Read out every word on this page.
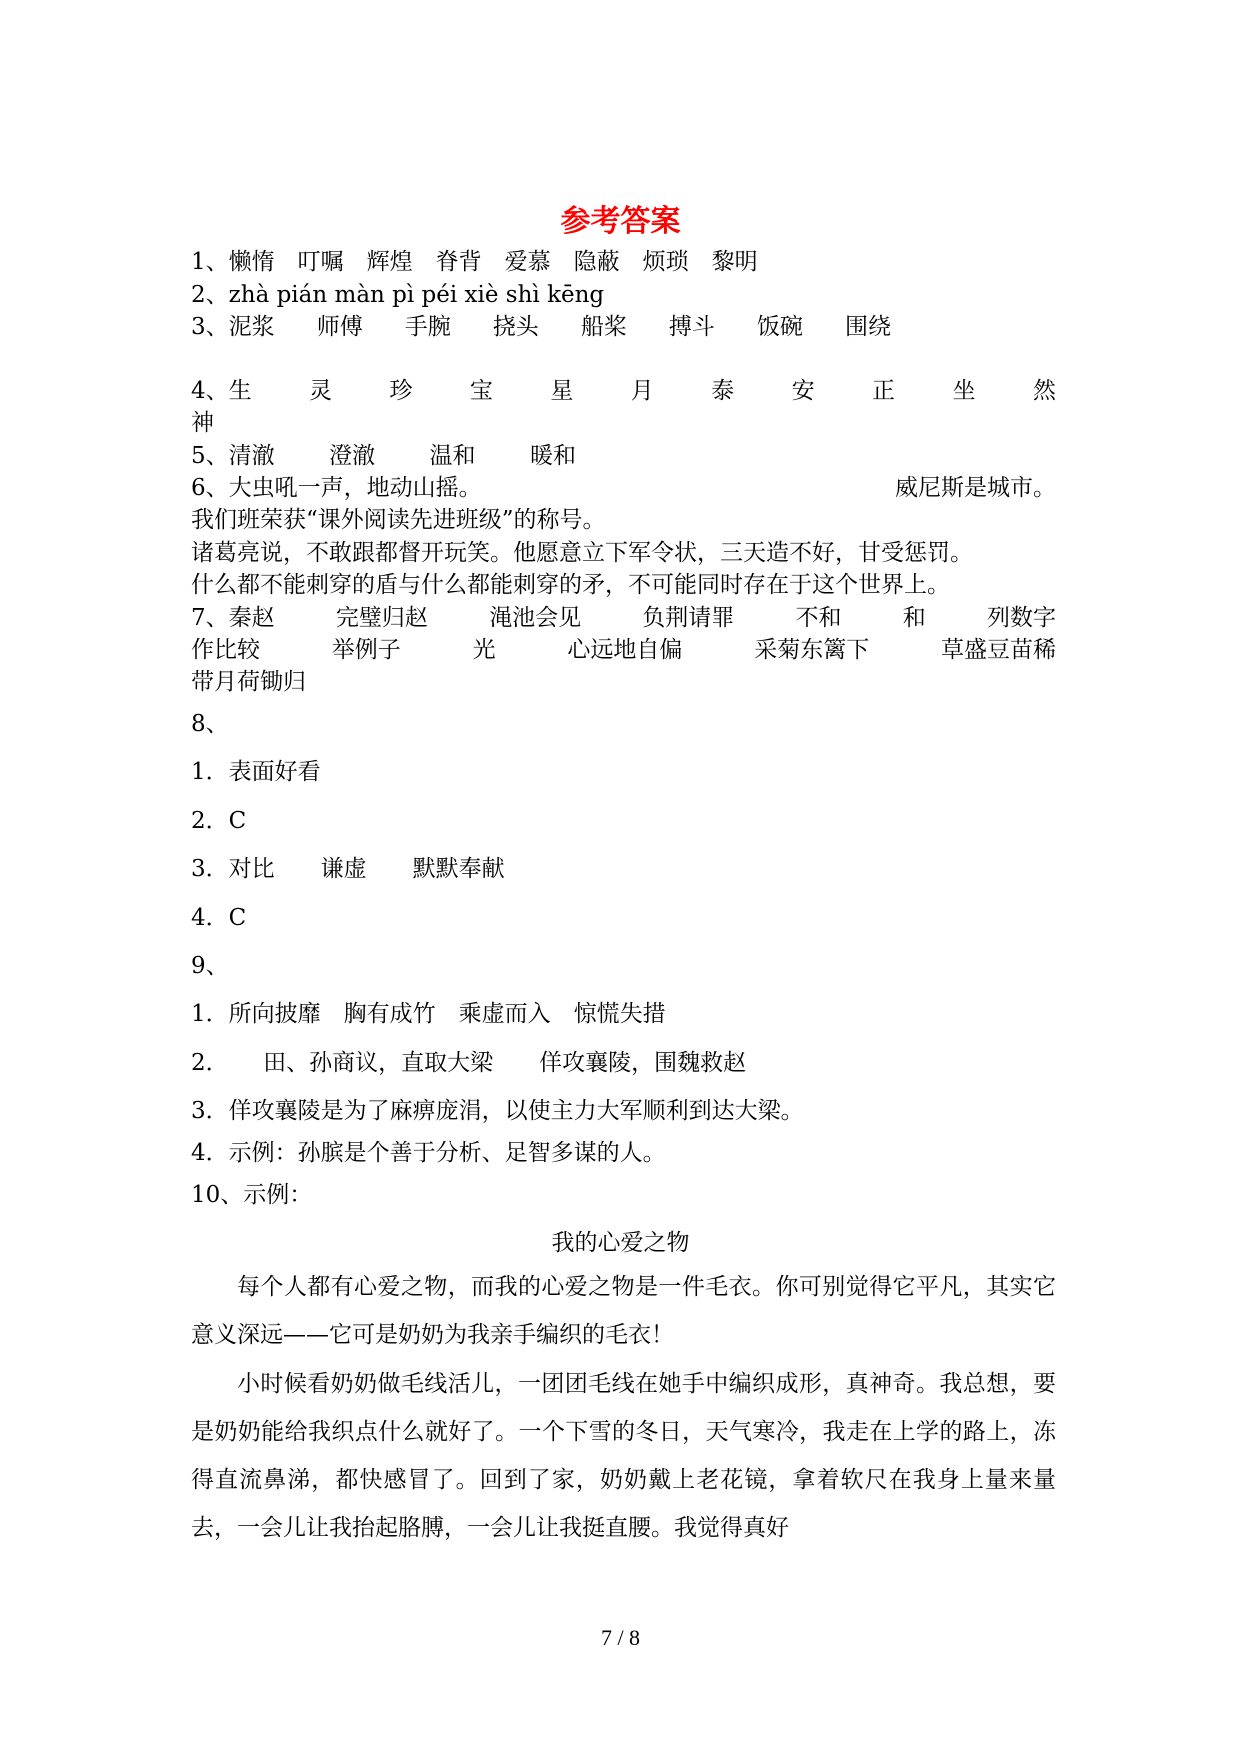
参考答案
1、懒惰　叮嘱　辉煌　脊背　爱慕　隐蔽　烦琐　黎明
2、zhà pián màn pì péi xiè shì kēng
3、泥浆 师傅 手腕 挠头 船桨 搏斗 饭碗 围绕
4、生 灵 珍 宝 星 月 泰 安 正 坐 然
神
5、清澈 澄澈 温和 暖和
6、大虫吼一声，地动山摇。	威尼斯是城市。
我们班荣获“课外阅读先进班级”的称号。
诸葛亮说，不敢跟都督开玩笑。他愿意立下军令状，三天造不好，甘受惩罚。
什么都不能刺穿的盾与什么都能刺穿的矛，不可能同时存在于这个世界上。
7、秦赵	完璧归赵	渑池会见	负荆请罪	不和	和	列数字
作比较	举例子	光	心远地自偏	采菊东篱下	草盛豆苗稀
带月荷锄归
8、
1．表面好看
2．C
3．对比　　谦虚　　默默奉献
4．C
9、
1．所向披靡　胸有成竹　乘虚而入　惊慌失措
2．　　田、孙商议，直取大梁　　佯攻襄陵，围魏救赵
3．佯攻襄陵是为了麻痹庞涓，以使主力大军顺利到达大梁。
4．示例：孙膑是个善于分析、足智多谋的人。
10、示例：
我的心爱之物
每个人都有心爱之物，而我的心爱之物是一件毛衣。你可别觉得它平凡，其实它意义深远——它可是奶奶为我亲手编织的毛衣！
小时候看奶奶做毛线活儿，一团团毛线在她手中编织成形，真神奇。我总想，要是奶奶能给我织点什么就好了。一个下雪的冬日，天气寒冷，我走在上学的路上，冻得直流鼻涕，都快感冒了。回到了家，奶奶戴上老花镜，拿着软尺在我身上量来量去，一会儿让我抬起胳膊，一会儿让我挺直腰。我觉得真好
7 / 8
